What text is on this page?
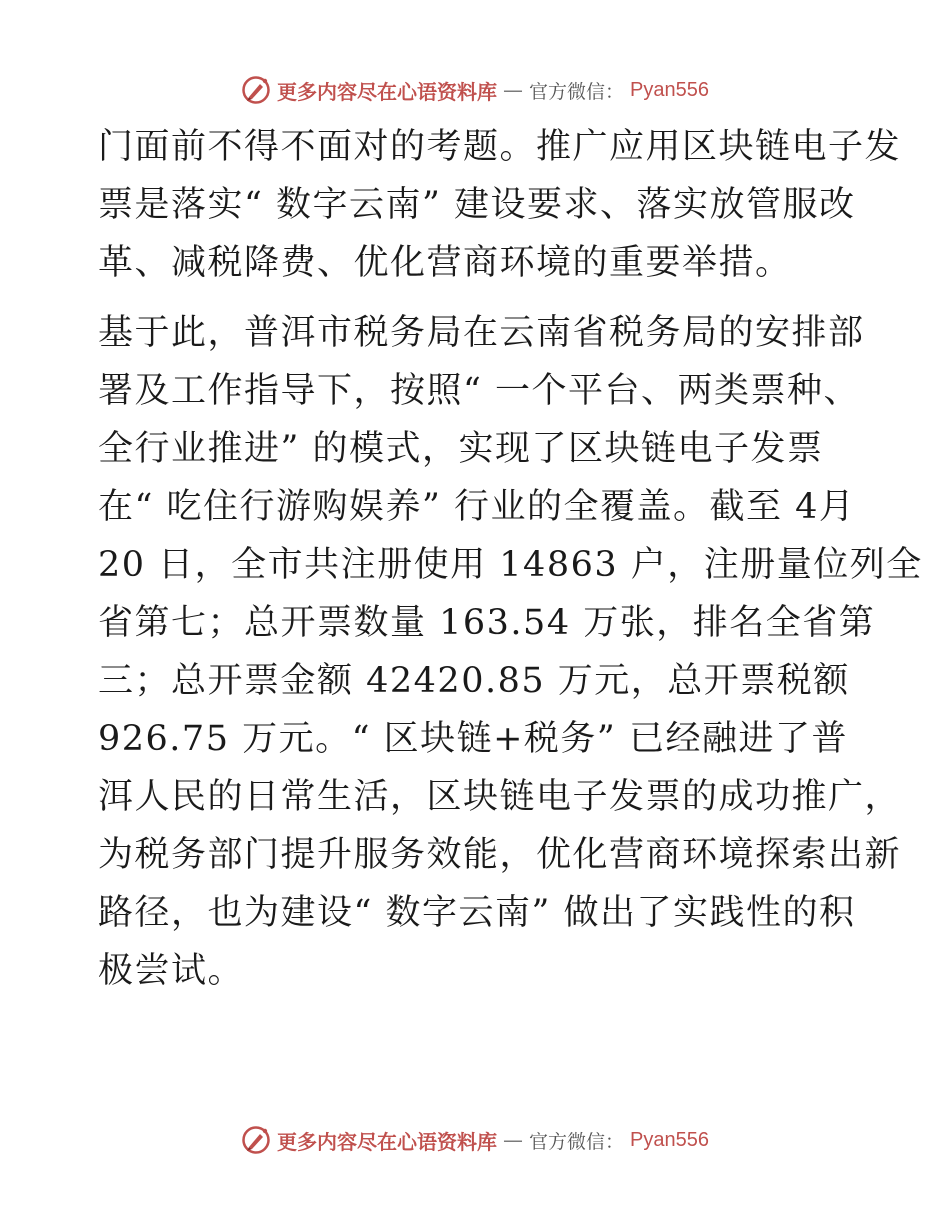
更多内容尽在心语资料库 — 官方微信： Pyan556
门面前不得不面对的考题。推广应用区块链电子发
票是落实“ 数字云南” 建设要求、落实放管服改
革、减税降费、优化营商环境的重要举措。
基于此，普洱市税务局在云南省税务局的安排部
署及工作指导下，按照“ 一个平台、两类票种、
全行业推进” 的模式，实现了区块链电子发票
在“ 吃住行游购娱养” 行业的全覆盖。截至 4月
20 日，全市共注册使用 14863 户，注册量位列全
省第七；总开票数量 163.54 万张，排名全省第
三；总开票金额 42420.85 万元，总开票税额
926.75 万元。“ 区块链+税务” 已经融进了普
洱人民的日常生活，区块链电子发票的成功推广，
为税务部门提升服务效能，优化营商环境探索出新
路径，也为建设“ 数字云南” 做出了实践性的积
极尝试。
更多内容尽在心语资料库 — 官方微信： Pyan556
